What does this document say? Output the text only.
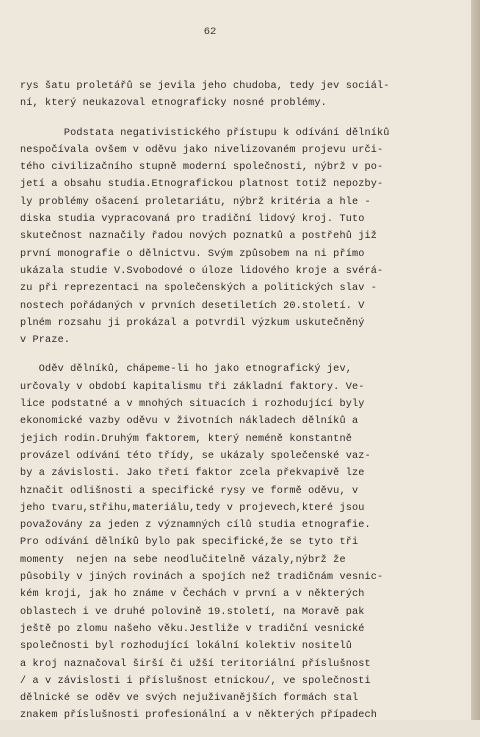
62
rys šatu proletářů se jevila jeho chudoba, tedy jev sociál-
ní, který neukazoval etnograficky nosné problémy.
Podstata negativistického přístupu k odívání dělníků
nespočívala ovšem v oděvu jako nivelizovaném projevu urči-
tého civilizačního stupně moderní společnosti, nýbrž v po-
jetí a obsahu studia.Etnografickou platnost totiž nepozby-
ly problémy ošacení proletariátu, nýbrž kritéria a hle -
diska studia vypracovaná pro tradiční lidový kroj. Tuto
skutečnost naznačily řadou nových poznatků a postřehů již
první monografie o dělnictvu. Svým způsobem na ni přímo
ukázala studie V.Svobodové o úloze lidového kroje a svérá-
zu při reprezentaci na společenských a politických slav -
nostech pořádaných v prvních desetiletích 20.století. V
plném rozsahu ji prokázal a potvrdil výzkum uskutečněný
v Praze.
Oděv dělníků, chápeme-li ho jako etnografický jev,
určovaly v období kapitalismu tři základní faktory. Ve-
lice podstatné a v mnohých situacích i rozhodující byly
ekonomické vazby oděvu v životních nákladech dělníků a
jejich rodin.Druhým faktorem, který neméně konstantně
provázel odívání této třídy, se ukázaly společenské vaz-
by a závislosti. Jako třetí faktor zcela překvapivě lze
hznačit odlišnosti a specifické rysy ve formě oděvu, v
jeho tvaru,střihu,materiálu,tedy v projevech,které jsou
považovány za jeden z významných cílů studia etnografie.
Pro odívání dělníků bylo pak specifické,že se tyto tři
momenty  nejen na sebe neodlučitelně vázaly,nýbrž že
působily v jiných rovinách a spojích než tradičnám vesnic-
kém kroji, jak ho známe v Čechách v první a v některých
oblastech i ve druhé polovině 19.století, na Moravě pak
ještě po zlomu našeho věku.Jestliže v tradiční vesnické
společnosti byl rozhodující lokální kolektiv nositelů
a kroj naznačoval širší či užší teritoriální příslušnost
/ a v závislosti i příslušnost etnickou/, ve společnosti
dělnické se oděv ve svých nejuživanějších formách stal
znakem příslušnosti profesionální a v některých případech
